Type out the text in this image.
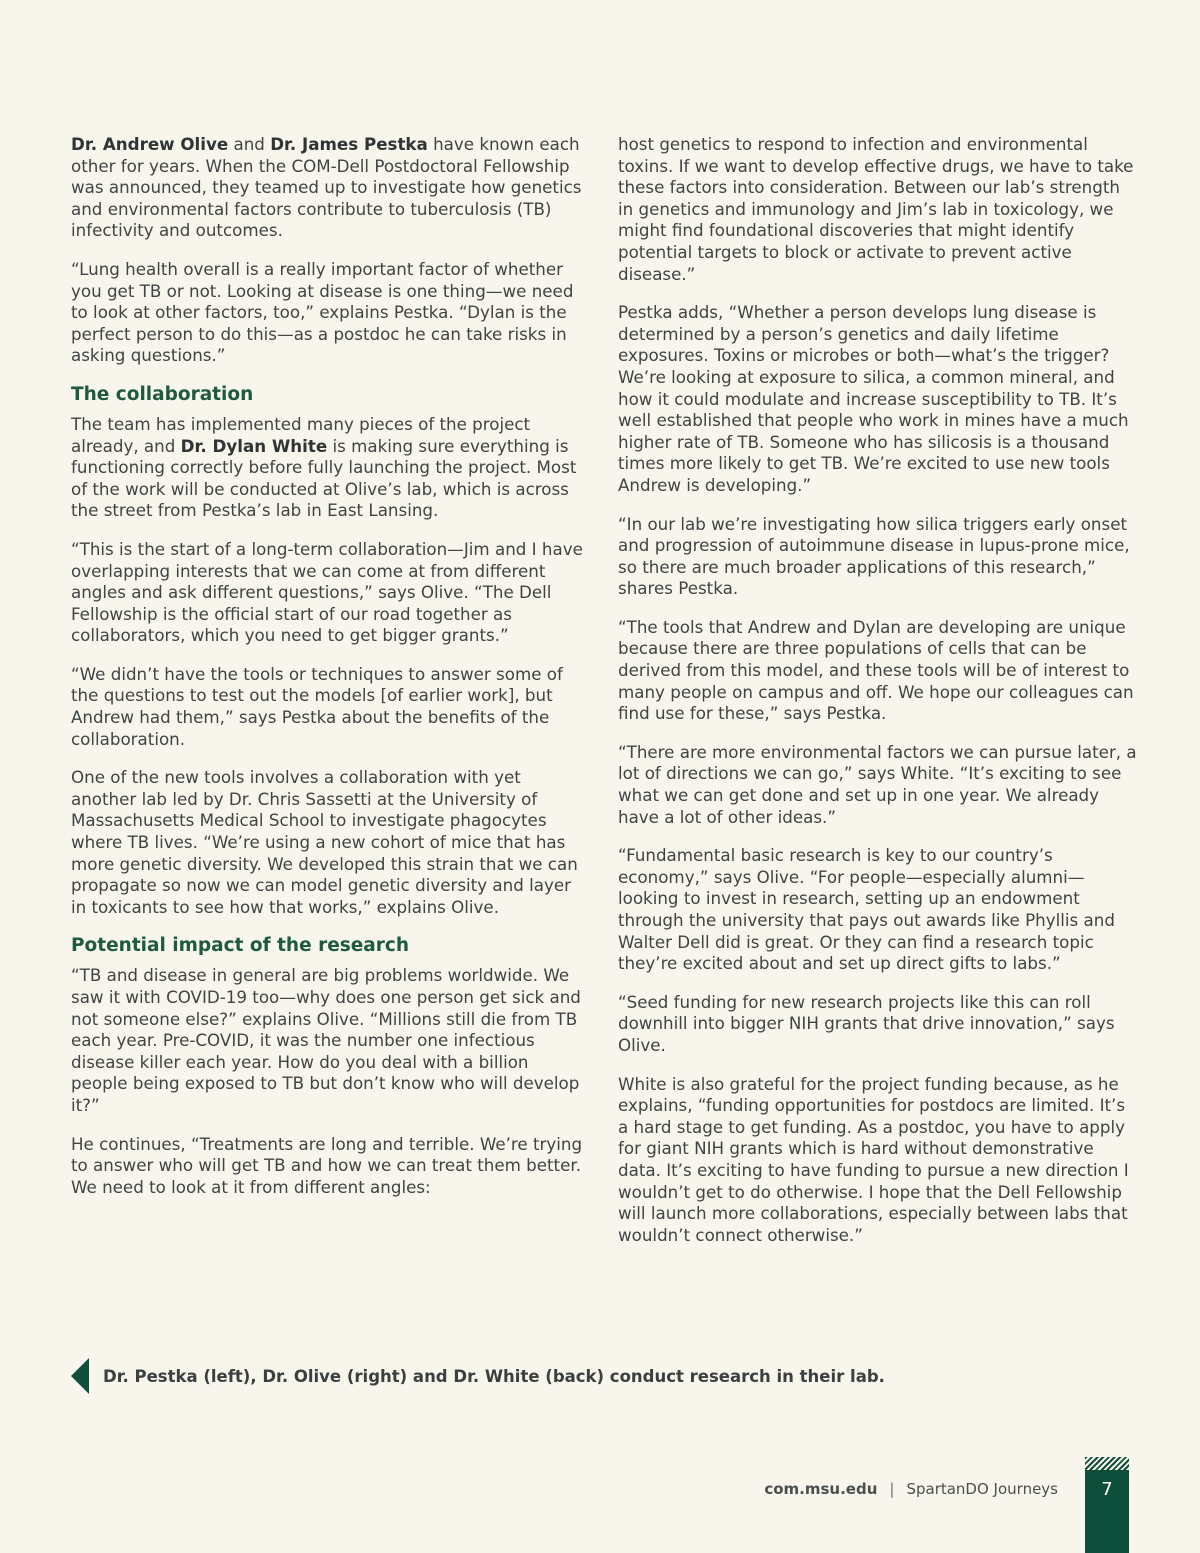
Dr. Andrew Olive and Dr. James Pestka have known each other for years. When the COM-Dell Postdoctoral Fellowship was announced, they teamed up to investigate how genetics and environmental factors contribute to tuberculosis (TB) infectivity and outcomes.

“Lung health overall is a really important factor of whether you get TB or not. Looking at disease is one thing—we need to look at other factors, too,” explains Pestka. “Dylan is the perfect person to do this—as a postdoc he can take risks in asking questions.”

The collaboration

The team has implemented many pieces of the project already, and Dr. Dylan White is making sure everything is functioning correctly before fully launching the project. Most of the work will be conducted at Olive’s lab, which is across the street from Pestka’s lab in East Lansing.

“This is the start of a long-term collaboration—Jim and I have overlapping interests that we can come at from different angles and ask different questions,” says Olive. “The Dell Fellowship is the official start of our road together as collaborators, which you need to get bigger grants.”

“We didn’t have the tools or techniques to answer some of the questions to test out the models [of earlier work], but Andrew had them,” says Pestka about the benefits of the collaboration.

One of the new tools involves a collaboration with yet another lab led by Dr. Chris Sassetti at the University of Massachusetts Medical School to investigate phagocytes where TB lives. “We’re using a new cohort of mice that has more genetic diversity. We developed this strain that we can propagate so now we can model genetic diversity and layer in toxicants to see how that works,” explains Olive.

Potential impact of the research

“TB and disease in general are big problems worldwide. We saw it with COVID-19 too—why does one person get sick and not someone else?” explains Olive. “Millions still die from TB each year. Pre-COVID, it was the number one infectious disease killer each year. How do you deal with a billion people being exposed to TB but don’t know who will develop it?”

He continues, “Treatments are long and terrible. We’re trying to answer who will get TB and how we can treat them better. We need to look at it from different angles:

host genetics to respond to infection and environmental toxins. If we want to develop effective drugs, we have to take these factors into consideration. Between our lab’s strength in genetics and immunology and Jim’s lab in toxicology, we might find foundational discoveries that might identify potential targets to block or activate to prevent active disease.”

Pestka adds, “Whether a person develops lung disease is determined by a person’s genetics and daily lifetime exposures. Toxins or microbes or both—what’s the trigger? We’re looking at exposure to silica, a common mineral, and how it could modulate and increase susceptibility to TB. It’s well established that people who work in mines have a much higher rate of TB. Someone who has silicosis is a thousand times more likely to get TB. We’re excited to use new tools Andrew is developing.”

“In our lab we’re investigating how silica triggers early onset and progression of autoimmune disease in lupus-prone mice, so there are much broader applications of this research,” shares Pestka.

“The tools that Andrew and Dylan are developing are unique because there are three populations of cells that can be derived from this model, and these tools will be of interest to many people on campus and off. We hope our colleagues can find use for these,” says Pestka.

“There are more environmental factors we can pursue later, a lot of directions we can go,” says White. “It’s exciting to see what we can get done and set up in one year. We already have a lot of other ideas.”

“Fundamental basic research is key to our country’s economy,” says Olive. “For people—especially alumni—looking to invest in research, setting up an endowment through the university that pays out awards like Phyllis and Walter Dell did is great. Or they can find a research topic they’re excited about and set up direct gifts to labs.”

“Seed funding for new research projects like this can roll downhill into bigger NIH grants that drive innovation,” says Olive.

White is also grateful for the project funding because, as he explains, “funding opportunities for postdocs are limited. It’s a hard stage to get funding. As a postdoc, you have to apply for giant NIH grants which is hard without demonstrative data. It’s exciting to have funding to pursue a new direction I wouldn’t get to do otherwise. I hope that the Dell Fellowship will launch more collaborations, especially between labs that wouldn’t connect otherwise.”

Dr. Pestka (left), Dr. Olive (right) and Dr. White (back) conduct research in their lab.
com.msu.edu | SpartanDO Journeys	7
